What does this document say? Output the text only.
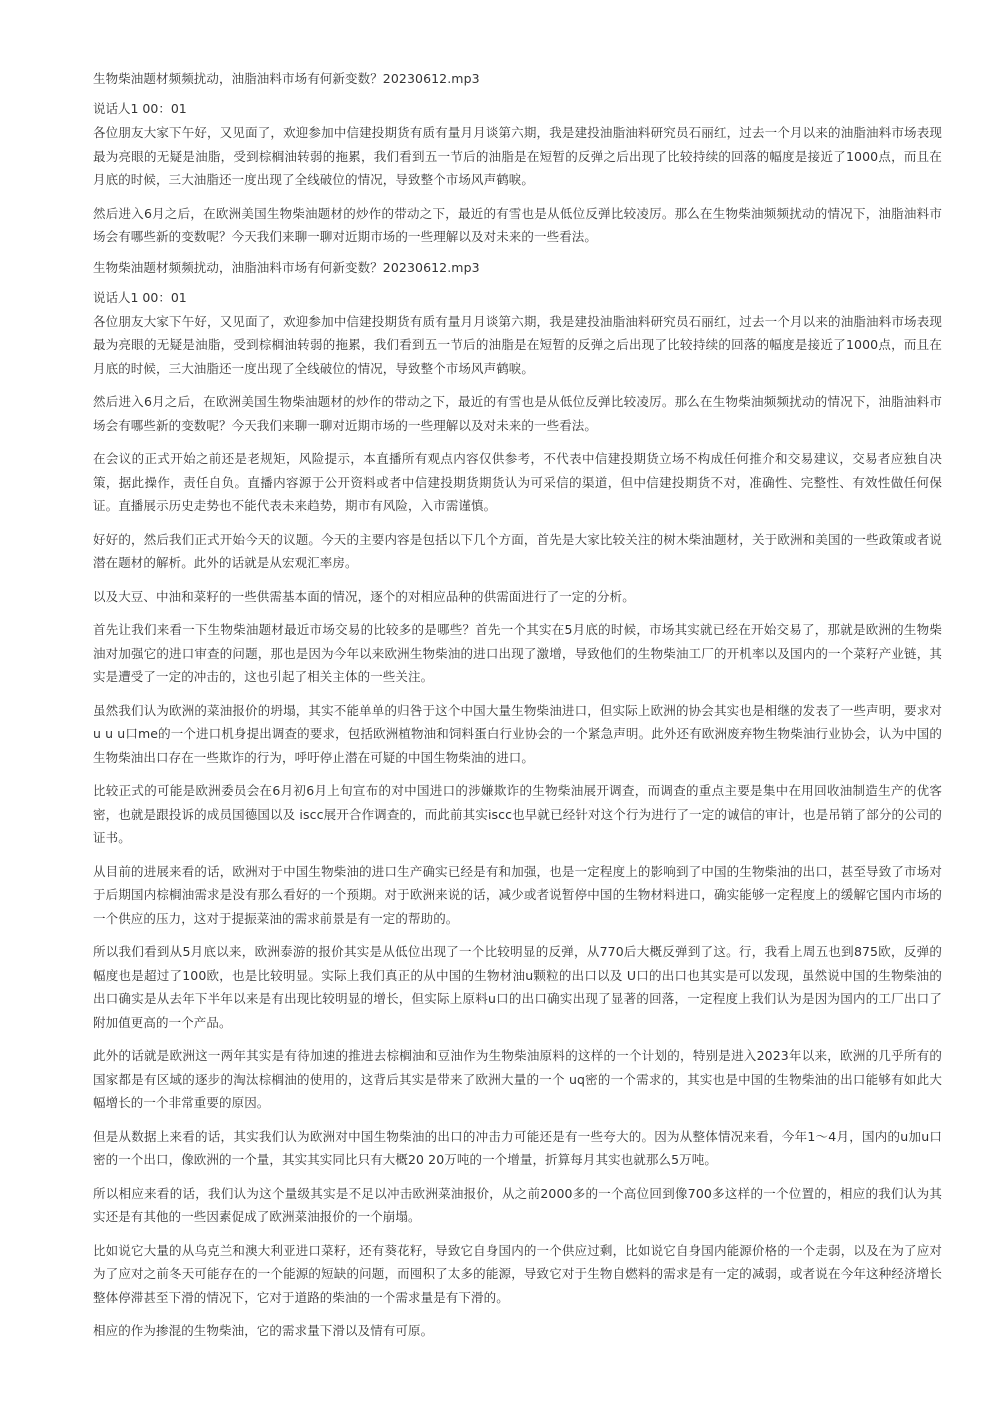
生物柴油题材频频扰动，油脂油料市场有何新变数？20230612.mp3
说话人1 00：01

各位朋友大家下午好，又见面了，欢迎参加中信建投期货有质有量月月谈第六期，我是建投油脂油料研究员石丽红，过去一个月以来的油脂油料市场表现最为亮眼的无疑是油脂，受到棕榈油转弱的拖累，我们看到五一节后的油脂是在短暂的反弹之后出现了比较持续的回落的幅度是接近了1000点，而且在月底的时候，三大油脂还一度出现了全线破位的情况，导致整个市场风声鹤唳。

然后进入6月之后，在欧洲美国生物柴油题材的炒作的带动之下，最近的有雪也是从低位反弹比较凌厉。那么在生物柴油频频扰动的情况下，油脂油料市场会有哪些新的变数呢？今天我们来聊一聊对近期市场的一些理解以及对未来的一些看法。

生物柴油题材频频扰动，油脂油料市场有何新变数？20230612.mp3
说话人1 00：01

各位朋友大家下午好，又见面了，欢迎参加中信建投期货有质有量月月谈第六期，我是建投油脂油料研究员石丽红，过去一个月以来的油脂油料市场表现最为亮眼的无疑是油脂，受到棕榈油转弱的拖累，我们看到五一节后的油脂是在短暂的反弹之后出现了比较持续的回落的幅度是接近了1000点，而且在月底的时候，三大油脂还一度出现了全线破位的情况，导致整个市场风声鹤唳。

然后进入6月之后，在欧洲美国生物柴油题材的炒作的带动之下，最近的有雪也是从低位反弹比较凌厉。那么在生物柴油频频扰动的情况下，油脂油料市场会有哪些新的变数呢？今天我们来聊一聊对近期市场的一些理解以及对未来的一些看法。

在会议的正式开始之前还是老规矩，风险提示，本直播所有观点内容仅供参考，不代表中信建投期货立场不构成任何推介和交易建议，交易者应独自决策，据此操作，责任自负。直播内容源于公开资料或者中信建投期货期货认为可采信的渠道，但中信建投期货不对，准确性、完整性、有效性做任何保证。直播展示历史走势也不能代表未来趋势，期市有风险，入市需谨慎。

好好的，然后我们正式开始今天的议题。今天的主要内容是包括以下几个方面，首先是大家比较关注的树木柴油题材，关于欧洲和美国的一些政策或者说潜在题材的解析。此外的话就是从宏观汇率房。

以及大豆、中油和菜籽的一些供需基本面的情况，逐个的对相应品种的供需面进行了一定的分析。

首先让我们来看一下生物柴油题材最近市场交易的比较多的是哪些？首先一个其实在5月底的时候，市场其实就已经在开始交易了，那就是欧洲的生物柴油对加强它的进口审查的问题，那也是因为今年以来欧洲生物柴油的进口出现了激增，导致他们的生物柴油工厂的开机率以及国内的一个菜籽产业链，其实是遭受了一定的冲击的，这也引起了相关主体的一些关注。

虽然我们认为欧洲的菜油报价的坍塌，其实不能单单的归咎于这个中国大量生物柴油进口，但实际上欧洲的协会其实也是相继的发表了一些声明，要求对 u u u口me的一个进口机身提出调查的要求，包括欧洲植物油和饲料蛋白行业协会的一个紧急声明。此外还有欧洲废弃物生物柴油行业协会，认为中国的生物柴油出口存在一些欺诈的行为，呼吁停止潜在可疑的中国生物柴油的进口。

比较正式的可能是欧洲委员会在6月初6月上旬宣布的对中国进口的涉嫌欺诈的生物柴油展开调查，而调查的重点主要是集中在用回收油制造生产的优客密，也就是跟投诉的成员国德国以及 iscc展开合作调查的，而此前其实iscc也早就已经针对这个行为进行了一定的诚信的审计，也是吊销了部分的公司的证书。

从目前的进展来看的话，欧洲对于中国生物柴油的进口生产确实已经是有和加强，也是一定程度上的影响到了中国的生物柴油的出口，甚至导致了市场对于后期国内棕榈油需求是没有那么看好的一个预期。对于欧洲来说的话，减少或者说暂停中国的生物材料进口，确实能够一定程度上的缓解它国内市场的一个供应的压力，这对于提振菜油的需求前景是有一定的帮助的。

所以我们看到从5月底以来，欧洲泰游的报价其实是从低位出现了一个比较明显的反弹，从770后大概反弹到了这。行，我看上周五也到875欧，反弹的幅度也是超过了100欧，也是比较明显。实际上我们真正的从中国的生物材油u颗粒的出口以及 U口的出口也其实是可以发现，虽然说中国的生物柴油的出口确实是从去年下半年以来是有出现比较明显的增长，但实际上原料u口的出口确实出现了显著的回落，一定程度上我们认为是因为国内的工厂出口了附加值更高的一个产品。

此外的话就是欧洲这一两年其实是有待加速的推进去棕榈油和豆油作为生物柴油原料的这样的一个计划的，特别是进入2023年以来，欧洲的几乎所有的国家都是有区域的逐步的淘汰棕榈油的使用的，这背后其实是带来了欧洲大量的一个 uq密的一个需求的，其实也是中国的生物柴油的出口能够有如此大幅增长的一个非常重要的原因。

但是从数据上来看的话，其实我们认为欧洲对中国生物柴油的出口的冲击力可能还是有一些夸大的。因为从整体情况来看，今年1～4月，国内的u加u口密的一个出口，像欧洲的一个量，其实其实同比只有大概20 20万吨的一个增量，折算每月其实也就那么5万吨。

所以相应来看的话，我们认为这个量级其实是不足以冲击欧洲菜油报价，从之前2000多的一个高位回到像700多这样的一个位置的，相应的我们认为其实还是有其他的一些因素促成了欧洲菜油报价的一个崩塌。

比如说它大量的从乌克兰和澳大利亚进口菜籽，还有葵花籽，导致它自身国内的一个供应过剩，比如说它自身国内能源价格的一个走弱，以及在为了应对为了应对之前冬天可能存在的一个能源的短缺的问题，而囤积了太多的能源，导致它对于生物自燃料的需求是有一定的减弱，或者说在今年这种经济增长整体停滞甚至下滑的情况下，它对于道路的柴油的一个需求量是有下滑的。

相应的作为掺混的生物柴油，它的需求量下滑以及情有可原。
